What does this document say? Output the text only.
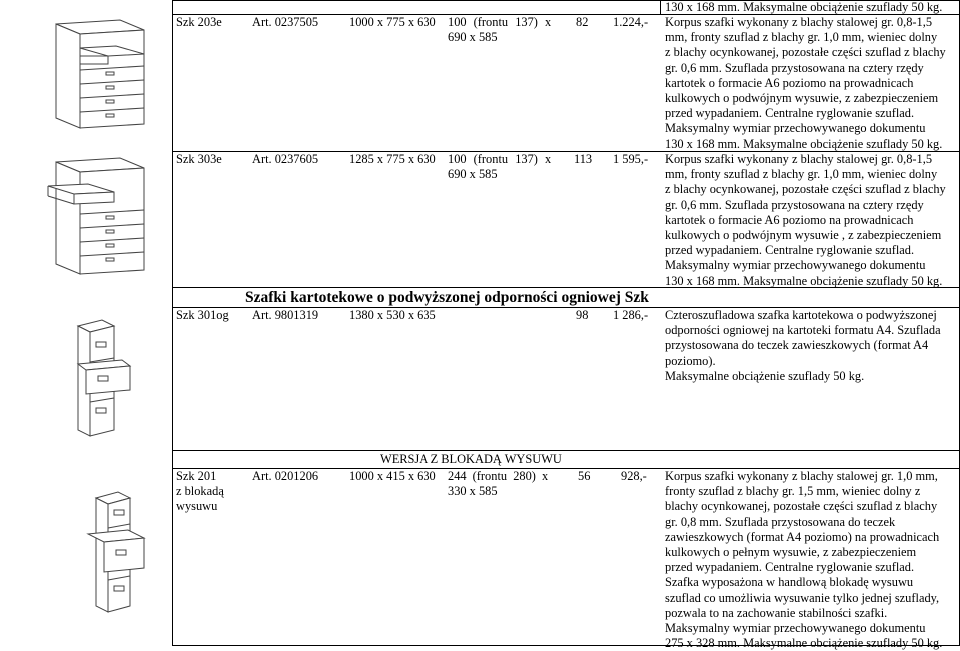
130 x 168 mm. Maksymalne obciążenie szuflady 50 kg.
Szk 203e Art. 0237505 1000 x 775 x 630 100 (frontu 137) x
690 x 585
82 1.224,- Korpus szafki wykonany z blachy stalowej gr. 0,8-1,5
mm, fronty szuflad z blachy gr. 1,0 mm, wieniec dolny
z blachy ocynkowanej, pozostałe części szuflad z blachy
gr. 0,6 mm. Szuflada przystosowana na cztery rzędy
kartotek o formacie A6 poziomo na prowadnicach
kulkowych o podwójnym wysuwie, z zabezpieczeniem
przed wypadaniem. Centralne ryglowanie szuflad.
Maksymalny wymiar przechowywanego dokumentu
130 x 168 mm. Maksymalne obciążenie szuflady 50 kg.
Szk 303e Art. 0237605 1285 x 775 x 630 100 (frontu 137) x
690 x 585
113 1 595,- Korpus szafki wykonany z blachy stalowej gr. 0,8-1,5
mm, fronty szuflad z blachy gr. 1,0 mm, wieniec dolny
z blachy ocynkowanej, pozostałe części szuflad z blachy
gr. 0,6 mm. Szuflada przystosowana na cztery rzędy
kartotek o formacie A6 poziomo na prowadnicach
kulkowych o podwójnym wysuwie , z zabezpieczeniem
przed wypadaniem. Centralne ryglowanie szuflad.
Maksymalny wymiar przechowywanego dokumentu
130 x 168 mm. Maksymalne obciążenie szuflady 50 kg.
Szafki kartotekowe o podwyższonej odporności ogniowej Szk
Szk 301og Art. 9801319 1380 x 530 x 635	98 1 286,- Czteroszufladowa szafka kartotekowa o podwyższonej
odporności ogniowej na kartoteki formatu A4. Szuflada
przystosowana do teczek zawieszkowych (format A4
poziomo).
Maksymalne obciążenie szuflady 50 kg.
WERSJA Z BLOKADĄ WYSUWU
Szk 201
z blokadą
wysuwu
Art. 0201206 1000 x 415 x 630 244 (frontu 280) x
330 x 585
56 928,- Korpus szafki wykonany z blachy stalowej gr. 1,0 mm,
fronty szuflad z blachy gr. 1,5 mm, wieniec dolny z
blachy ocynkowanej, pozostałe części szuflad z blachy
gr. 0,8 mm. Szuflada przystosowana do teczek
zawieszkowych (format A4 poziomo) na prowadnicach
kulkowych o pełnym wysuwie, z zabezpieczeniem
przed wypadaniem. Centralne ryglowanie szuflad.
Szafka wyposażona w handlową blokadę wysuwu
szuflad co umożliwia wysuwanie tylko jednej szuflady,
pozwala to na zachowanie stabilności szafki.
Maksymalny wymiar przechowywanego dokumentu
275 x 328 mm. Maksymalne obciążenie szuflady 50 kg.
